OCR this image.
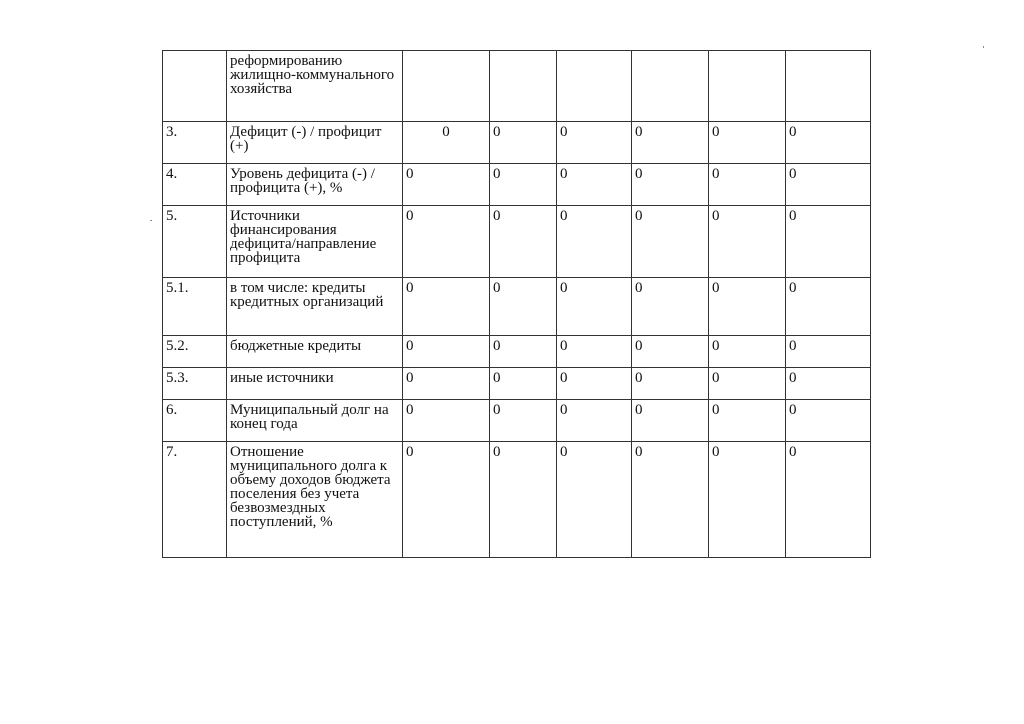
	реформированию жилищно-коммунального хозяйства						
3.	Дефицит (-) / профицит (+)	0	0	0	0	0	0
4.	Уровень дефицита (-) /профицита (+), %	0	0	0	0	0	0
5.	Источники финансирования дефицита/направление профицита	0	0	0	0	0	0
5.1.	в том числе: кредиты кредитных организаций	0	0	0	0	0	0
5.2.	бюджетные кредиты	0	0	0	0	0	0
5.3.	иные источники	0	0	0	0	0	0
6.	Муниципальный долг на конец года	0	0	0	0	0	0
7.	Отношение муниципального долга к объему доходов бюджета поселения без учета безвозмездных поступлений, %	0	0	0	0	0	0
